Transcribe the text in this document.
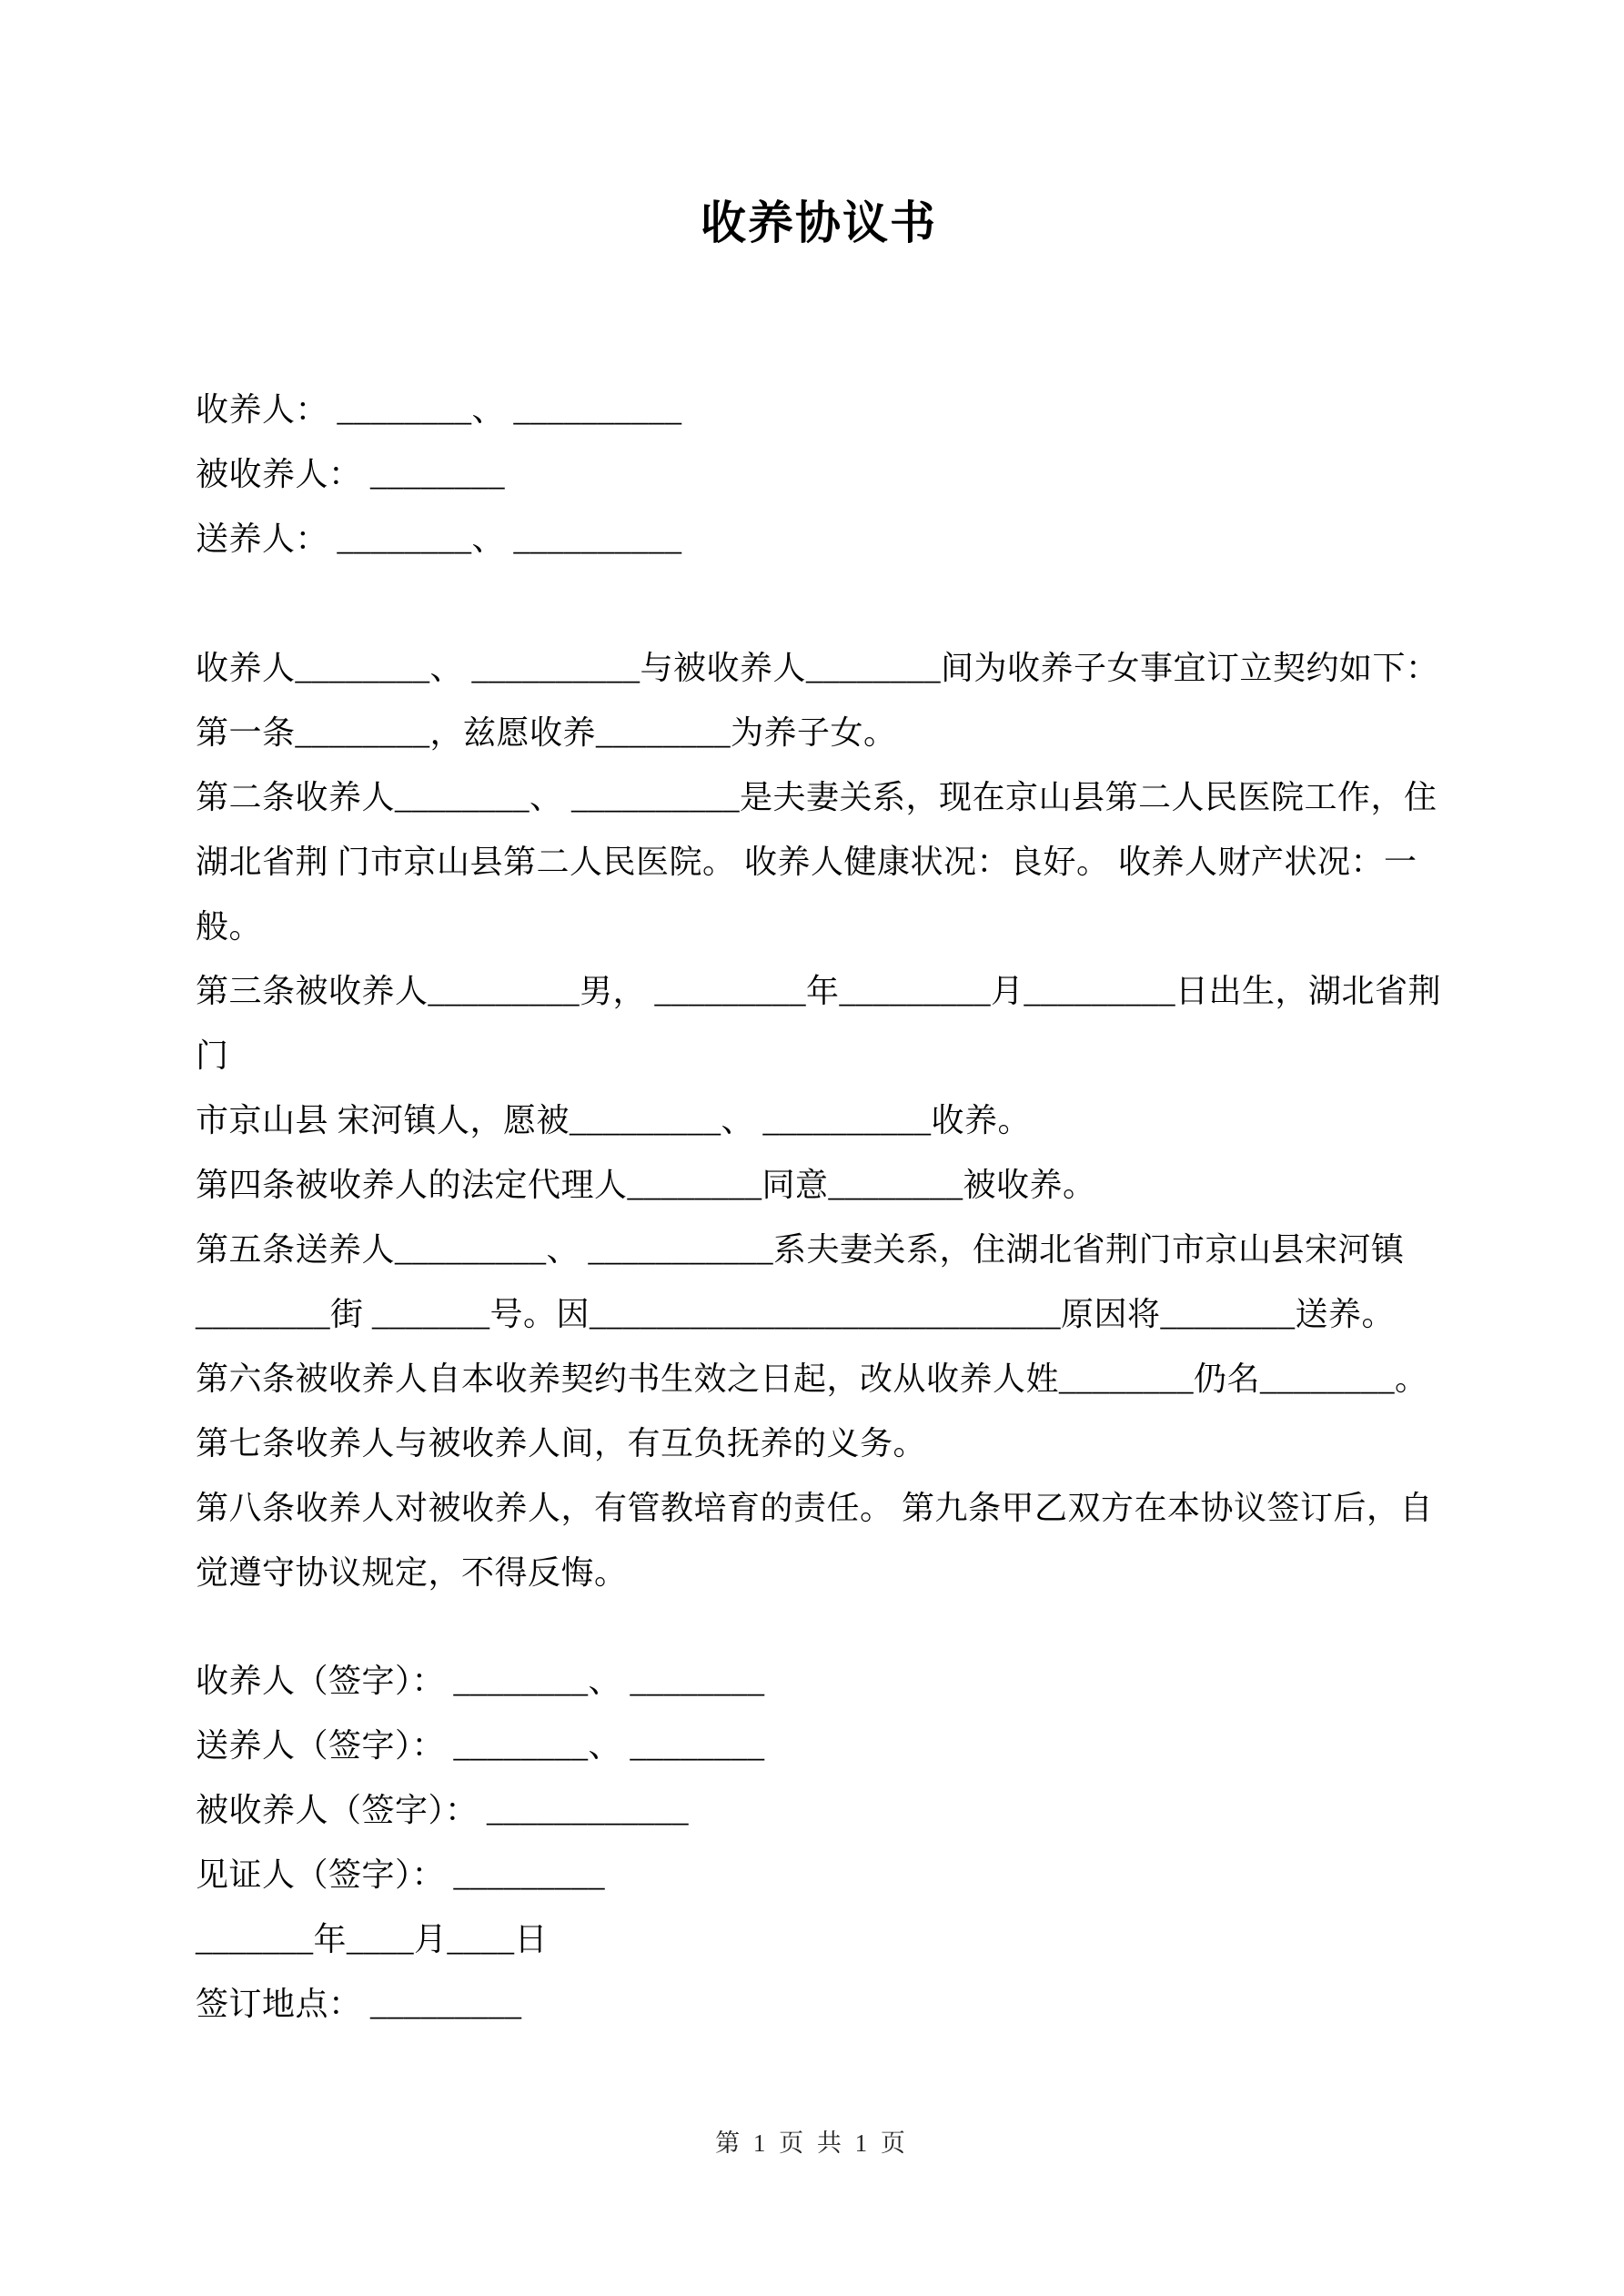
收养协议书
收养人： ________、 __________
被收养人： ________
送养人： ________、 __________
收养人________、 __________与被收养人________间为收养子女事宜订立契约如下：
第一条________，兹愿收养________为养子女。
第二条收养人________、 __________是夫妻关系，现在京山县第二人民医院工作，住
湖北省荆 门市京山县第二人民医院。 收养人健康状况：良好。 收养人财产状况：一
般。
第三条被收养人_________男， _________年_________月_________日出生，湖北省荆门
市京山县 宋河镇人，愿被_________、 __________收养。
第四条被收养人的法定代理人________同意________被收养。
第五条送养人_________、 ___________系夫妻关系，住湖北省荆门市京山县宋河镇
________街 _______号。因____________________________原因将________送养。
第六条被收养人自本收养契约书生效之日起，改从收养人姓________仍名________。
第七条收养人与被收养人间，有互负抚养的义务。
第八条收养人对被收养人，有管教培育的责任。 第九条甲乙双方在本协议签订后，自
觉遵守协议规定，不得反悔。
收养人（签字）： ________、 ________
送养人（签字）： ________、 ________
被收养人（签字）： ____________
见证人（签字）： _________
_______年____月____日
签订地点： _________
第 1 页 共 1 页
